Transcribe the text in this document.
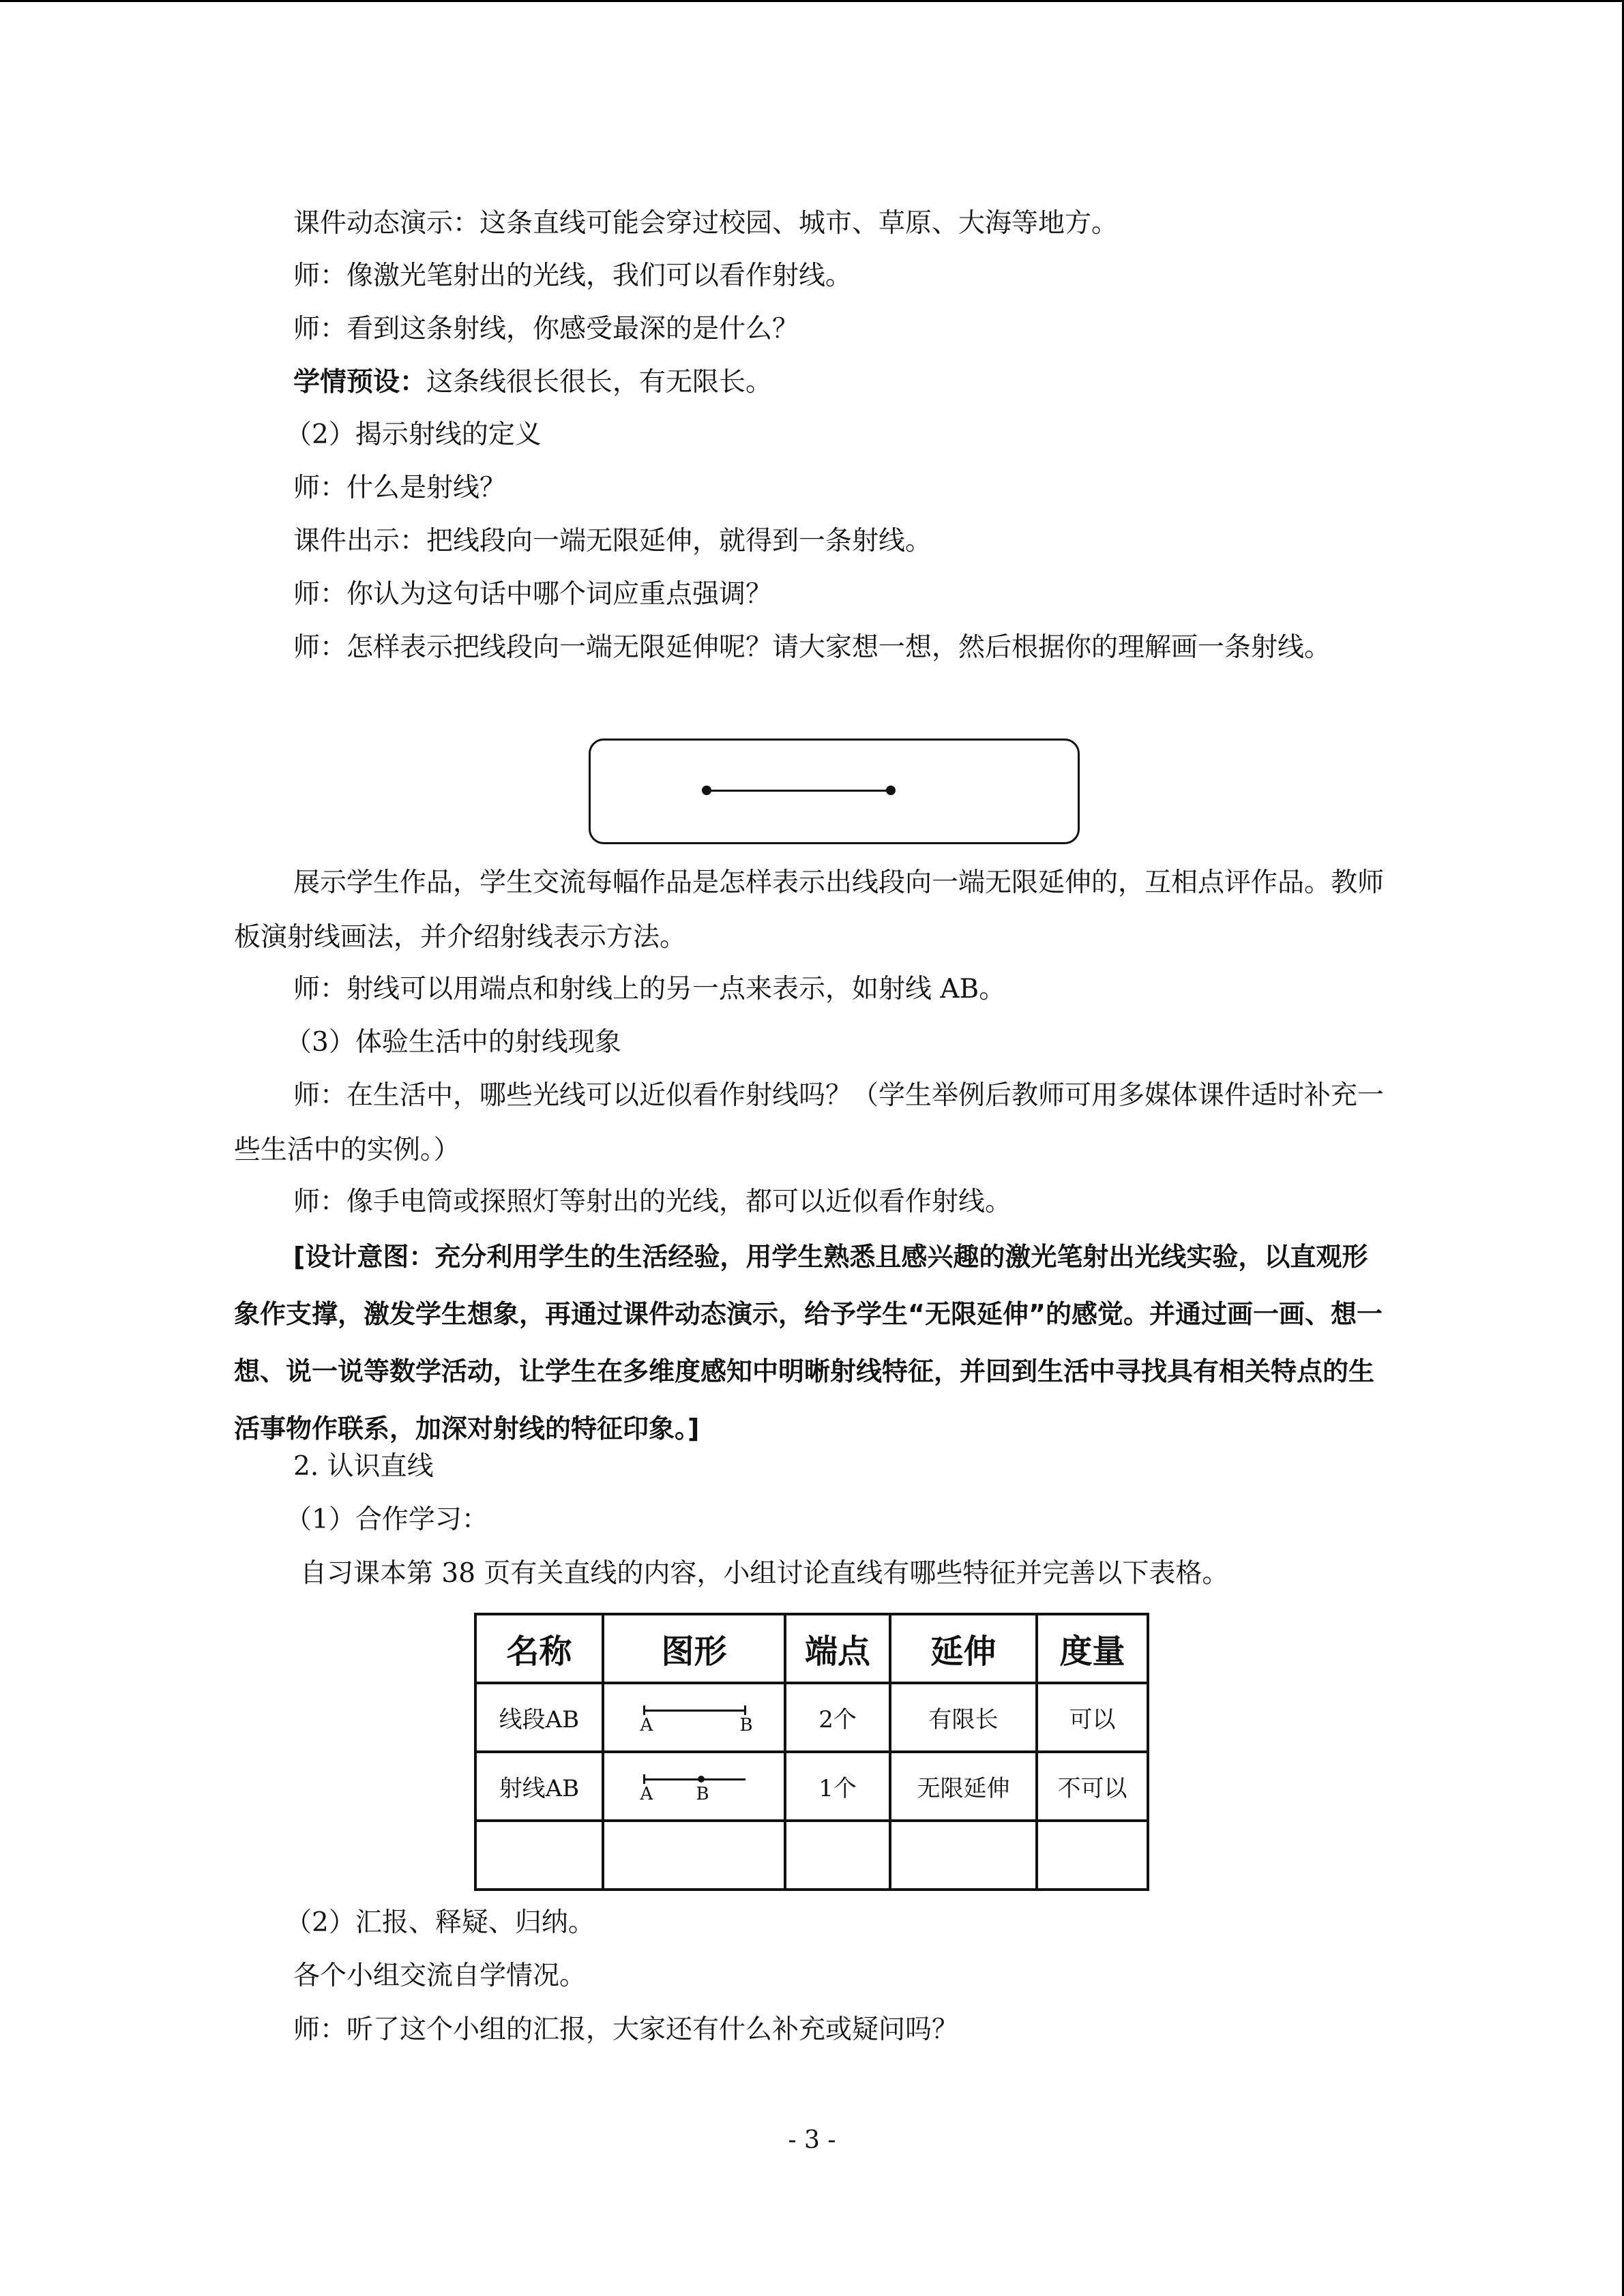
课件动态演示：这条直线可能会穿过校园、城市、草原、大海等地方。
师：像激光笔射出的光线，我们可以看作射线。
师：看到这条射线，你感受最深的是什么？
学情预设：这条线很长很长，有无限长。
（2）揭示射线的定义
师：什么是射线？
课件出示：把线段向一端无限延伸，就得到一条射线。
师：你认为这句话中哪个词应重点强调？
师：怎样表示把线段向一端无限延伸呢？请大家想一想，然后根据你的理解画一条射线。
展示学生作品，学生交流每幅作品是怎样表示出线段向一端无限延伸的，互相点评作品。教师板演射线画法，并介绍射线表示方法。
师：射线可以用端点和射线上的另一点来表示，如射线 AB。
（3）体验生活中的射线现象
师：在生活中，哪些光线可以近似看作射线吗？（学生举例后教师可用多媒体课件适时补充一些生活中的实例。）
师：像手电筒或探照灯等射出的光线，都可以近似看作射线。
[设计意图：充分利用学生的生活经验，用学生熟悉且感兴趣的激光笔射出光线实验，以直观形象作支撑，激发学生想象，再通过课件动态演示，给予学生“无限延伸”的感觉。并通过画一画、想一想、说一说等数学活动，让学生在多维度感知中明晰射线特征，并回到生活中寻找具有相关特点的生活事物作联系，加深对射线的特征印象。]
2. 认识直线
（1）合作学习：
自习课本第 38 页有关直线的内容，小组讨论直线有哪些特征并完善以下表格。
名称	图形	端点	延伸	度量
线段AB	A B	2个	有限长	可以
射线AB	A B	1个	无限延伸	不可以

（2）汇报、释疑、归纳。
各个小组交流自学情况。
师：听了这个小组的汇报，大家还有什么补充或疑问吗？
- 3 -
